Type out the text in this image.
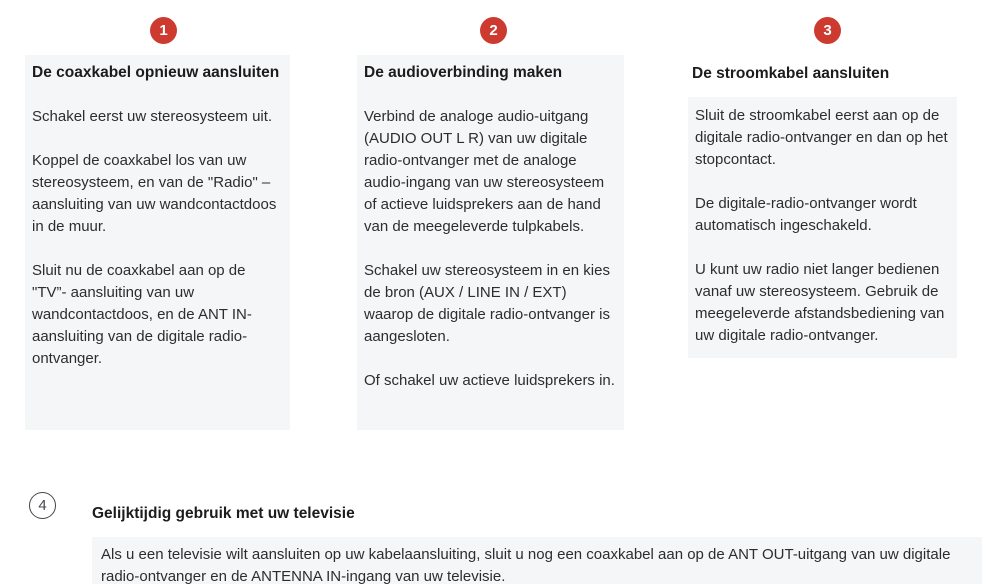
1	2	3
De coaxkabel opnieuw aansluiten

Schakel eerst uw stereosysteem uit.

Koppel de coaxkabel los van uw stereosysteem, en van de "Radio" – aansluiting van uw wandcontactdoos in de muur.

Sluit nu de coaxkabel aan op de "TV”- aansluiting van uw wandcontactdoos, en de ANT IN-aansluiting van de digitale radio-ontvanger.

De audioverbinding maken

Verbind de analoge audio-uitgang (AUDIO OUT L R) van uw digitale radio-ontvanger met de analoge audio-ingang van uw stereosysteem of actieve luidsprekers aan de hand van de meegeleverde tulpkabels.

Schakel uw stereosysteem in en kies de bron (AUX / LINE IN / EXT) waarop de digitale radio-ontvanger is aangesloten.

Of schakel uw actieve luidsprekers in.

De stroomkabel aansluiten

Sluit de stroomkabel eerst aan op de digitale radio-ontvanger en dan op het stopcontact.

De digitale-radio-ontvanger wordt automatisch ingeschakeld.

U kunt uw radio niet langer bedienen vanaf uw stereosysteem. Gebruik de meegeleverde afstandsbediening van uw digitale radio-ontvanger.

4	Gelijktijdig gebruik met uw televisie

Als u een televisie wilt aansluiten op uw kabelaansluiting, sluit u nog een coaxkabel aan op de ANT OUT-uitgang van uw digitale radio-ontvanger en de ANTENNA IN-ingang van uw televisie.
